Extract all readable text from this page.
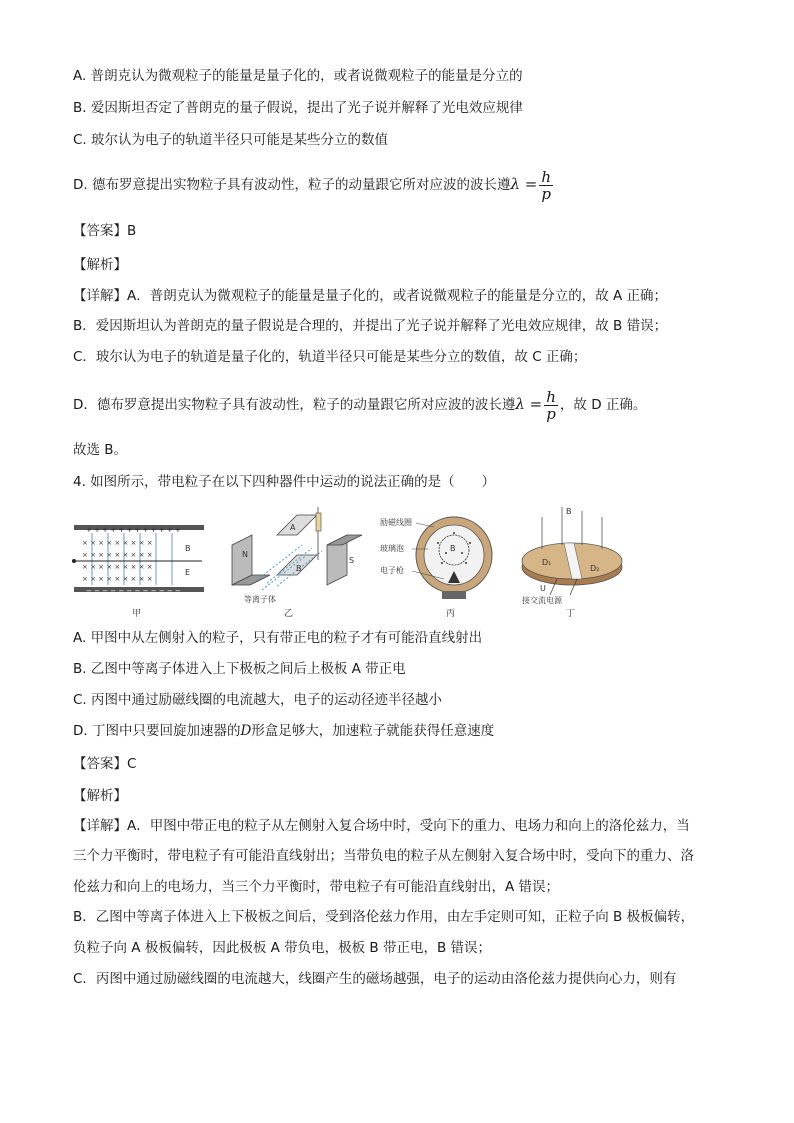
A. 普朗克认为微观粒子的能量是量子化的，或者说微观粒子的能量是分立的
B. 爱因斯坦否定了普朗克的量子假说，提出了光子说并解释了光电效应规律
C. 玻尔认为电子的轨道半径只可能是某些分立的数值
D. 德布罗意提出实物粒子具有波动性，粒子的动量跟它所对应波的波长遵$\lambda = \frac{h}{p}$
【答案】B
【解析】
【详解】A．普朗克认为微观粒子的能量是量子化的，或者说微观粒子的能量是分立的，故 A 正确；
B．爱因斯坦认为普朗克的量子假说是合理的，并提出了光子说并解释了光电效应规律，故 B 错误；
C．玻尔认为电子的轨道是量子化的，轨道半径只可能是某些分立的数值，故 C 正确；
D．德布罗意提出实物粒子具有波动性，粒子的动量跟它所对应波的波长遵$\lambda = \frac{h}{p}$ ，故 D 正确。
故选 B。
4. 如图所示，带电粒子在以下四种器件中运动的说法正确的是（　　）
+ + + + + + + + + + + +
− − − − − − − − − − − −
× × × × × × × × ×
× × × × × × × × ×
× × × × × × × × ×
× × × × × × × × ×
B
E
甲
N
A
B
S
等离子体
乙
B
励磁线圈
玻璃泡
电子枪
丙
B
D₁
D₂
U
接交流电源
丁
A. 甲图中从左侧射入的粒子，只有带正电的粒子才有可能沿直线射出
B. 乙图中等离子体进入上下极板之间后上极板 A 带正电
C. 丙图中通过励磁线圈的电流越大，电子的运动径迹半径越小
D. 丁图中只要回旋加速器的D形盒足够大，加速粒子就能获得任意速度
【答案】C
【解析】
【详解】A．甲图中带正电的粒子从左侧射入复合场中时，受向下的重力、电场力和向上的洛伦兹力，当
三个力平衡时，带电粒子有可能沿直线射出；当带负电的粒子从左侧射入复合场中时，受向下的重力、洛
伦兹力和向上的电场力，当三个力平衡时，带电粒子有可能沿直线射出，A 错误；
B．乙图中等离子体进入上下极板之间后，受到洛伦兹力作用，由左手定则可知，正粒子向 B 极板偏转，
负粒子向 A 极板偏转，因此极板 A 带负电，极板 B 带正电，B 错误；
C．丙图中通过励磁线圈的电流越大，线圈产生的磁场越强，电子的运动由洛伦兹力提供向心力，则有
